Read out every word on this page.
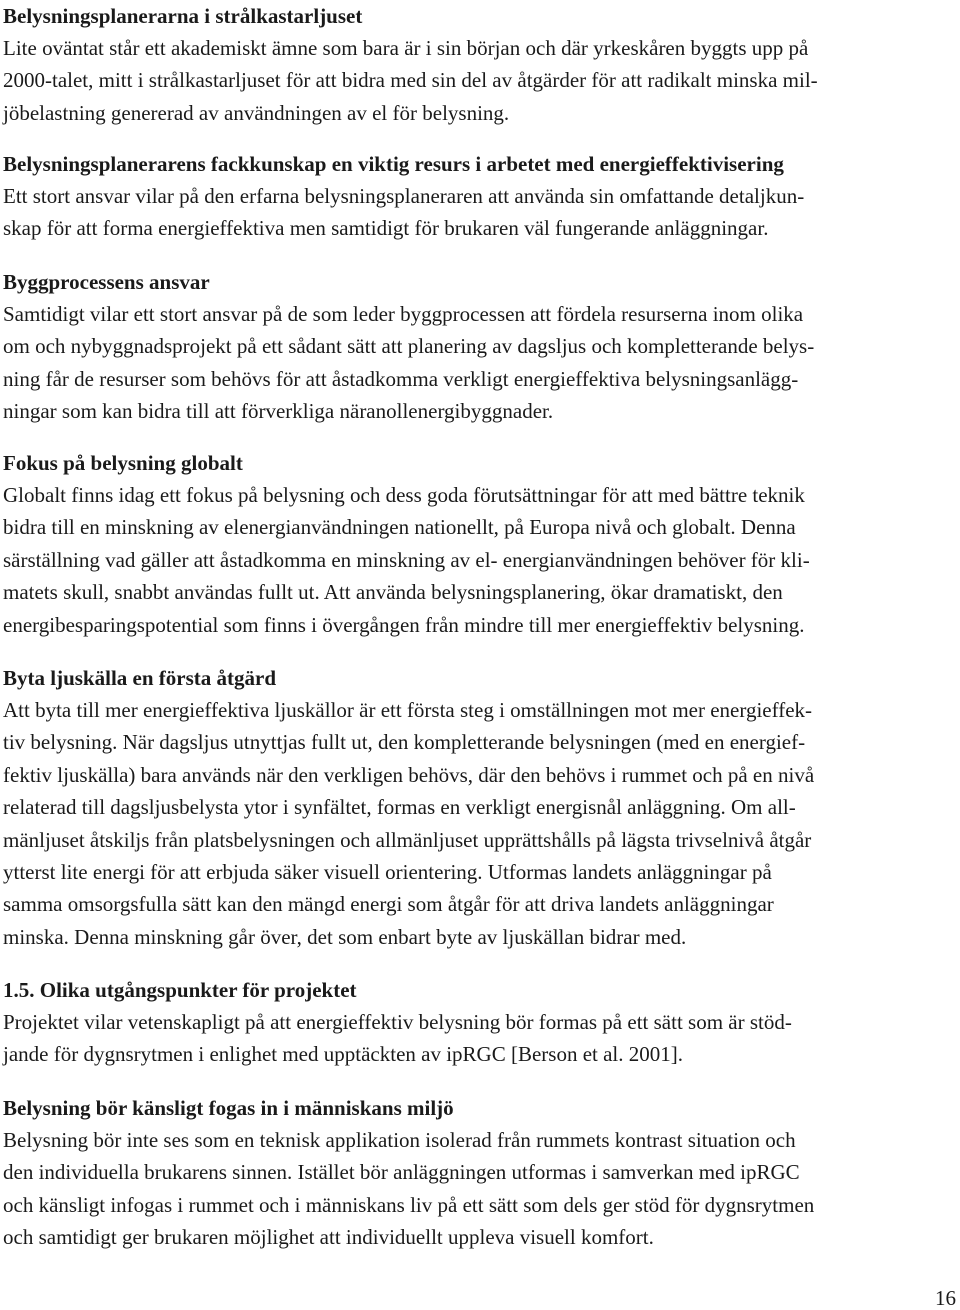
Belysningsplanerarna i strålkastarljuset

Lite oväntat står ett akademiskt ämne som bara är i sin början och där yrkeskåren byggts upp på

2000-talet, mitt i strålkastarljuset för att bidra med sin del av åtgärder för att radikalt minska mil-

jöbelastning genererad av användningen av el för belysning.

Belysningsplanerarens fackkunskap en viktig resurs i arbetet med energieffektivisering

Ett stort ansvar vilar på den erfarna belysningsplaneraren att använda sin omfattande detaljkun-

skap för att forma energieffektiva men samtidigt för brukaren väl fungerande anläggningar.

Byggprocessens ansvar

Samtidigt vilar ett stort ansvar på de som leder byggprocessen att fördela resurserna inom olika

om och nybyggnadsprojekt på ett sådant sätt att planering av dagsljus och kompletterande belys-

ning får de resurser som behövs för att åstadkomma verkligt energieffektiva belysningsanlägg-

ningar som kan bidra till att förverkliga näranollenergibyggnader.

Fokus på belysning globalt

Globalt finns idag ett fokus på belysning och dess goda förutsättningar för att med bättre teknik

bidra till en minskning av elenergianvändningen nationellt, på Europa nivå och globalt. Denna

särställning vad gäller att åstadkomma en minskning av el- energianvändningen behöver för kli-

matets skull, snabbt användas fullt ut. Att använda belysningsplanering, ökar dramatiskt, den

energibesparingspotential som finns i övergången från mindre till mer energieffektiv belysning.

Byta ljuskälla en första åtgärd

Att byta till mer energieffektiva ljuskällor är ett första steg i omställningen mot mer energieffek-

tiv belysning. När dagsljus utnyttjas fullt ut, den kompletterande belysningen (med en energief-

fektiv ljuskälla) bara används när den verkligen behövs, där den behövs i rummet och på en nivå

relaterad till dagsljusbelysta ytor i synfältet, formas en verkligt energisnål anläggning. Om all-

mänljuset åtskiljs från platsbelysningen och allmänljuset upprättshålls på lägsta trivselnivå åtgår

ytterst lite energi för att erbjuda säker visuell orientering. Utformas landets anläggningar på

samma omsorgsfulla sätt kan den mängd energi som åtgår för att driva landets anläggningar

minska. Denna minskning går över, det som enbart byte av ljuskällan bidrar med.

1.5. Olika utgångspunkter för projektet

Projektet vilar vetenskapligt på att energieffektiv belysning bör formas på ett sätt som är stöd-

jande för dygnsrytmen i enlighet med upptäckten av ipRGC [Berson et al. 2001].

Belysning bör känsligt fogas in i människans miljö

Belysning bör inte ses som en teknisk applikation isolerad från rummets kontrast situation och

den individuella brukarens sinnen. Istället bör anläggningen utformas i samverkan med ipRGC

och känsligt infogas i rummet och i människans liv på ett sätt som dels ger stöd för dygnsrytmen

och samtidigt ger brukaren möjlighet att individuellt uppleva visuell komfort.

16
